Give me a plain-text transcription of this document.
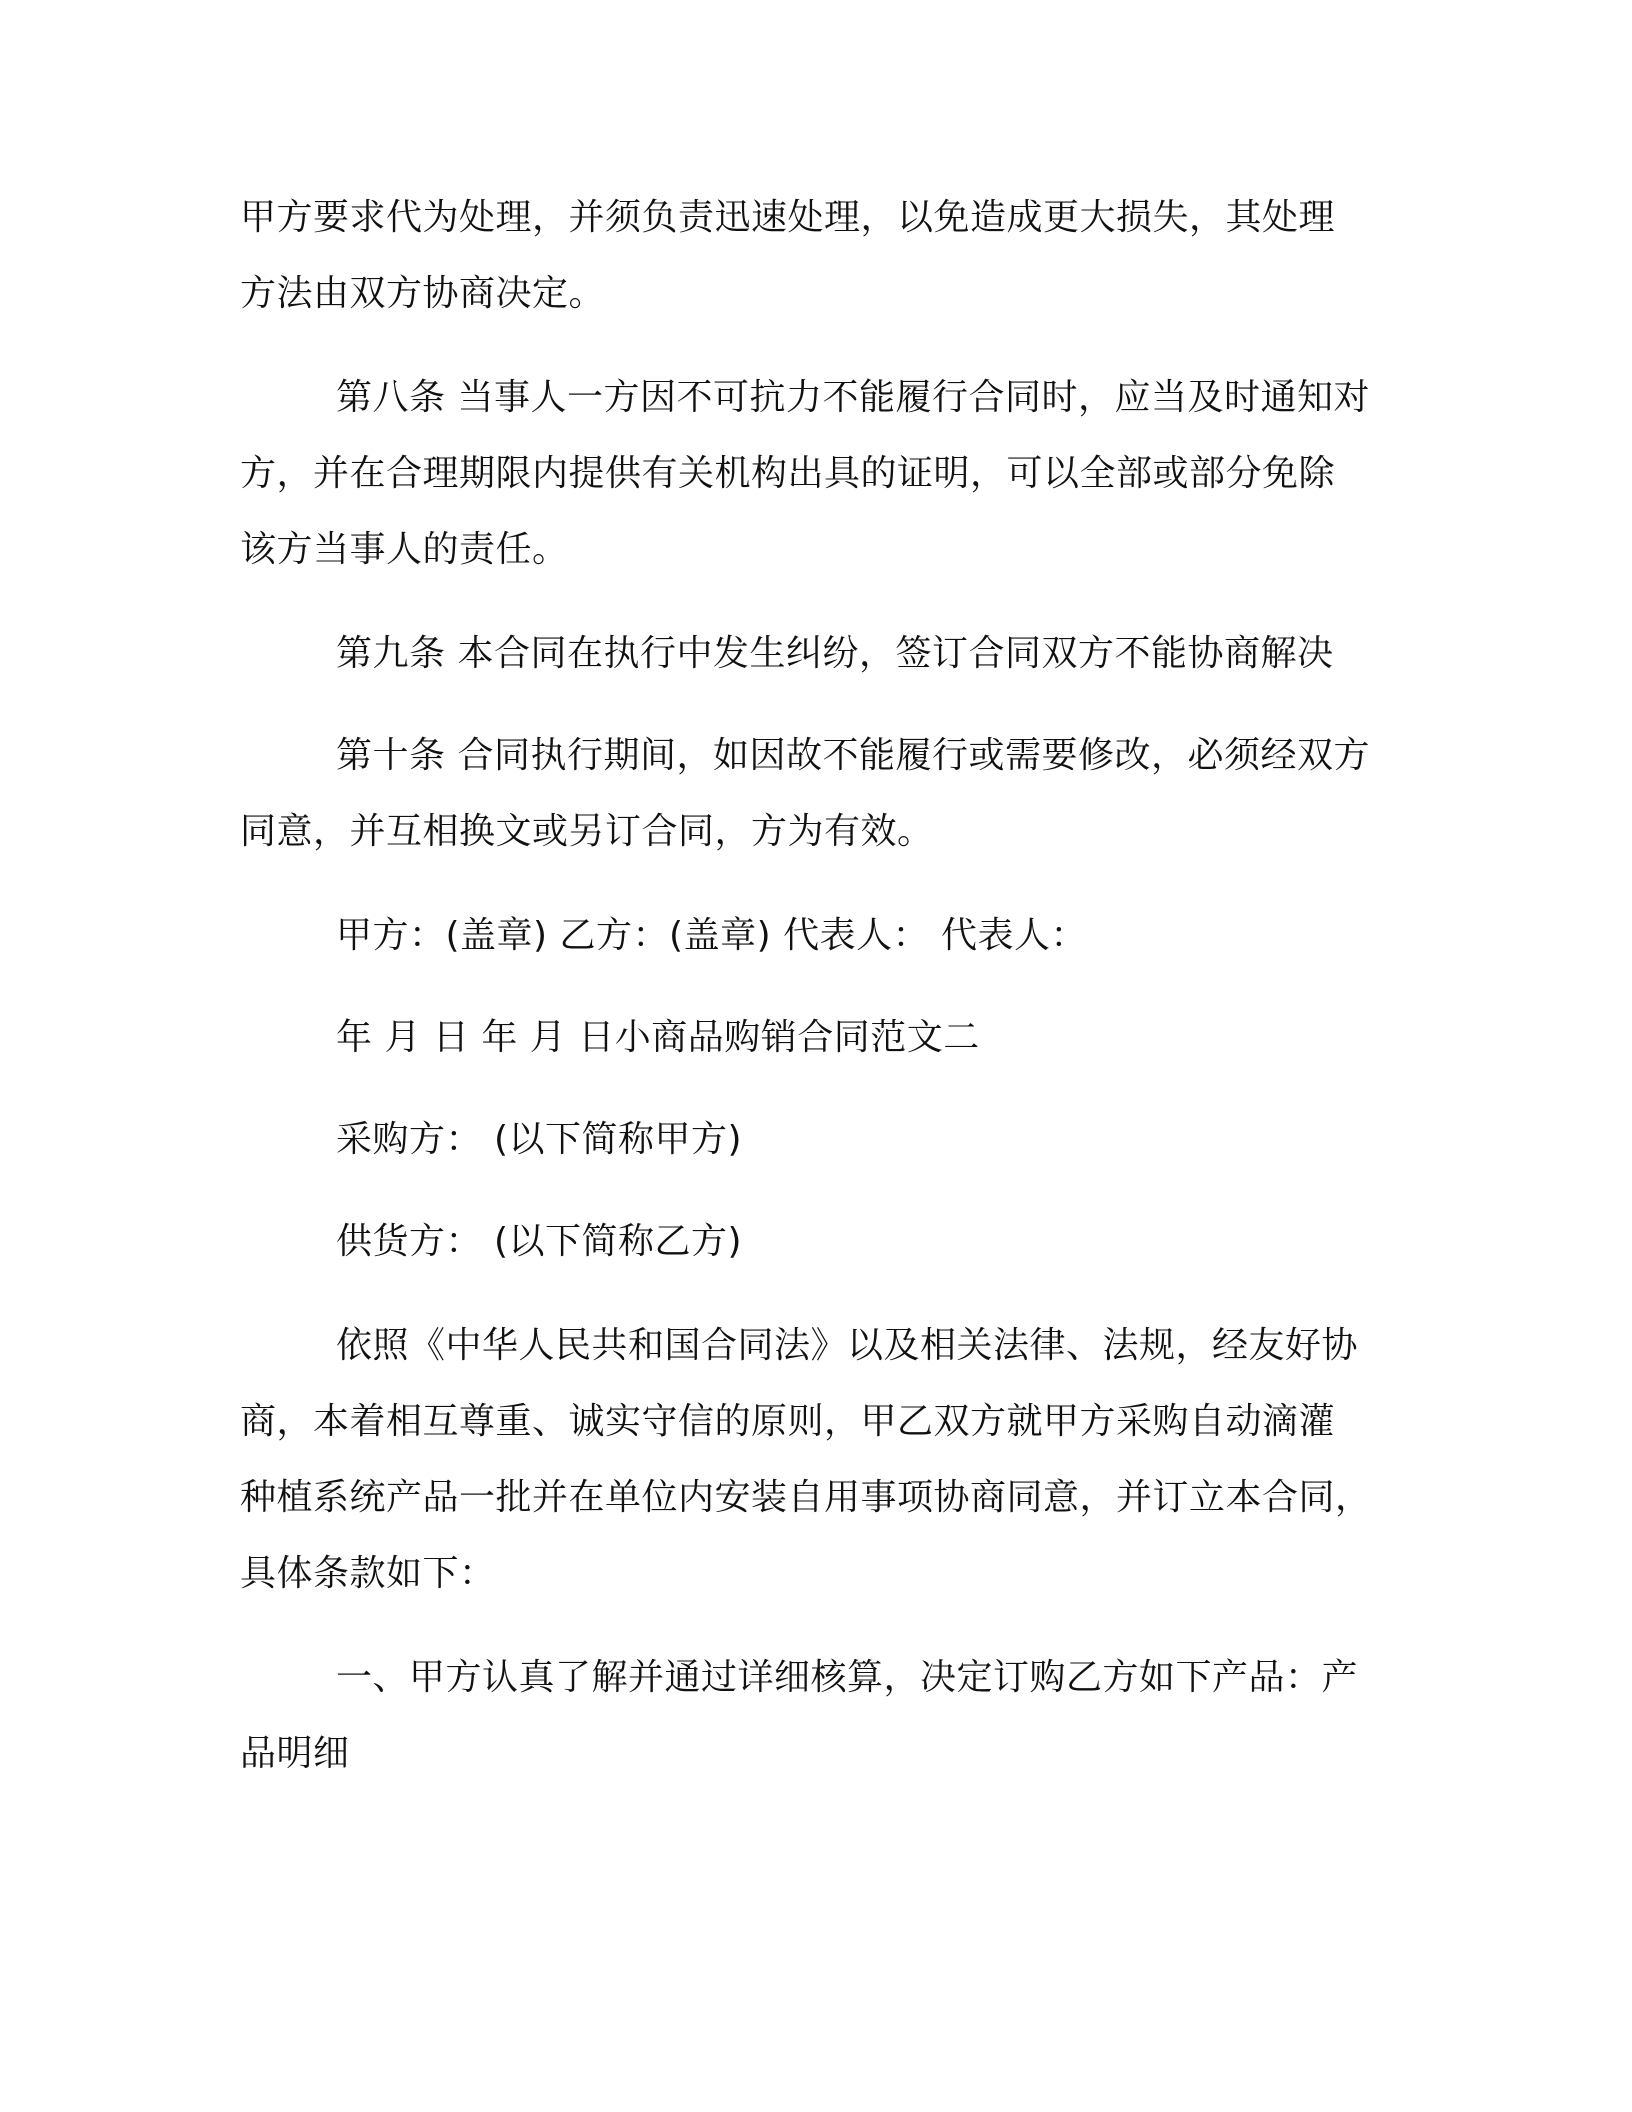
甲方要求代为处理，并须负责迅速处理，以免造成更大损失，其处理
方法由双方协商决定。
第八条 当事人一方因不可抗力不能履行合同时，应当及时通知对
方，并在合理期限内提供有关机构出具的证明，可以全部或部分免除
该方当事人的责任。
第九条 本合同在执行中发生纠纷，签订合同双方不能协商解决
第十条 合同执行期间，如因故不能履行或需要修改，必须经双方
同意，并互相换文或另订合同，方为有效。
甲方：(盖章) 乙方：(盖章) 代表人： 代表人：
年 月 日 年 月 日小商品购销合同范文二
采购方： (以下简称甲方)
供货方： (以下简称乙方)
依照《中华人民共和国合同法》以及相关法律、法规，经友好协
商，本着相互尊重、诚实守信的原则，甲乙双方就甲方采购自动滴灌
种植系统产品一批并在单位内安装自用事项协商同意，并订立本合同，
具体条款如下：
一、甲方认真了解并通过详细核算，决定订购乙方如下产品：产
品明细
